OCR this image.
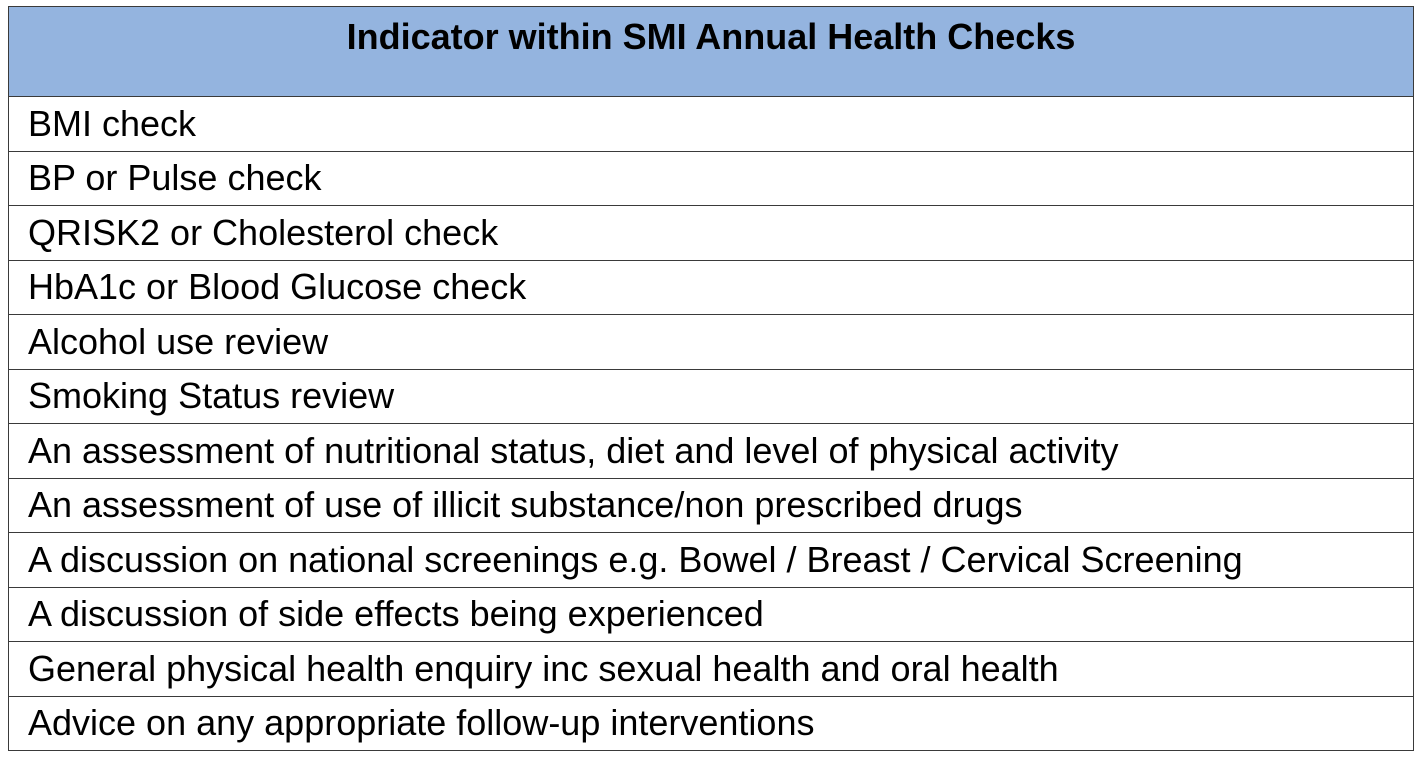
Indicator within SMI Annual Health Checks
BMI check
BP or Pulse check
QRISK2 or Cholesterol check
HbA1c or Blood Glucose check
Alcohol use review
Smoking Status review
An assessment of nutritional status, diet and level of physical activity
An assessment of use of illicit substance/non prescribed drugs
A discussion on national screenings e.g. Bowel / Breast / Cervical Screening
A discussion of side effects being experienced
General physical health enquiry inc sexual health and oral health
Advice on any appropriate follow-up interventions
